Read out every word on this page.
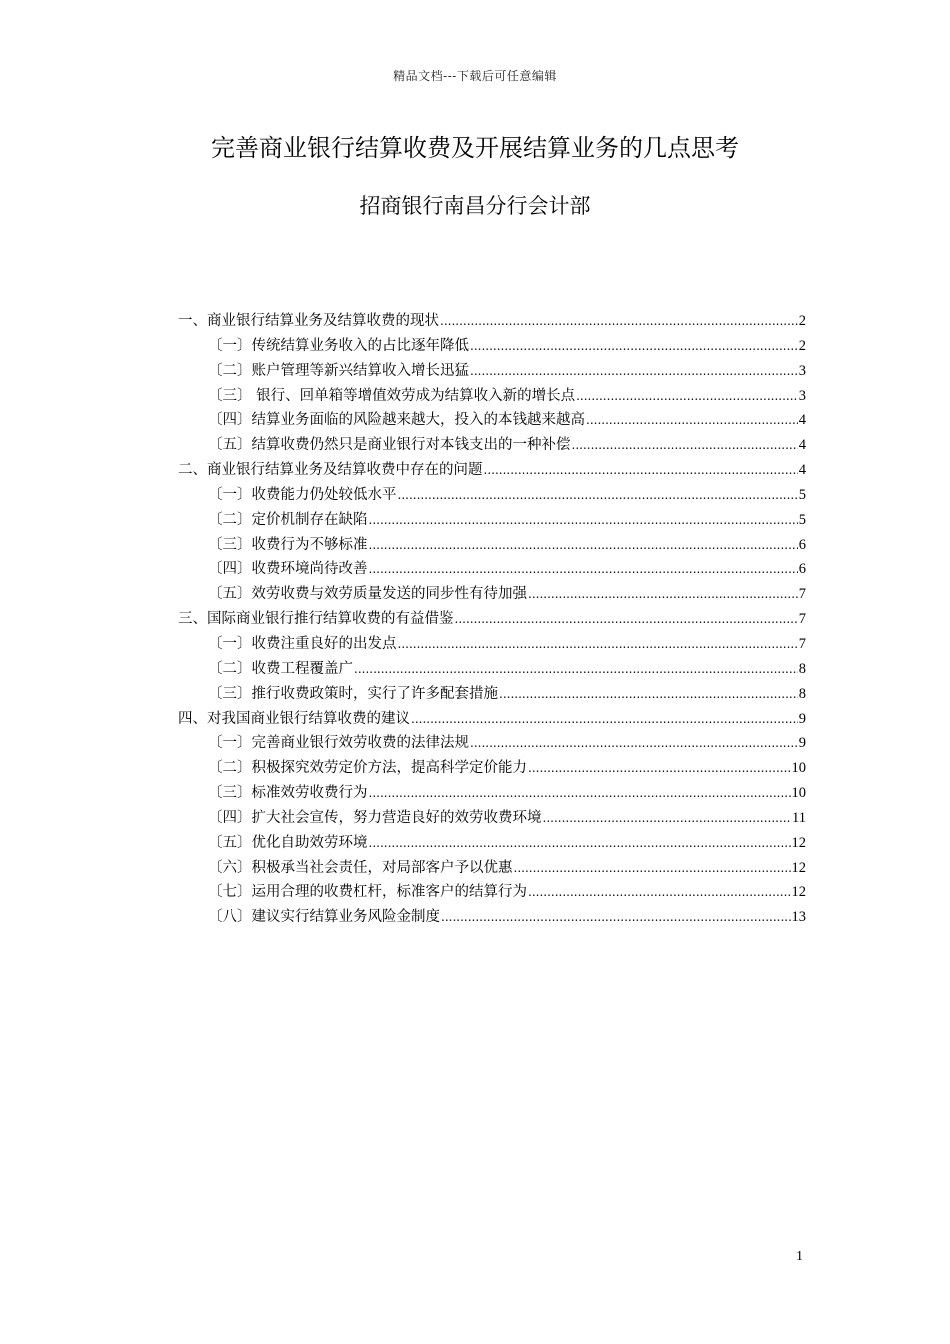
精品文档---下载后可任意编辑
完善商业银行结算收费及开展结算业务的几点思考
招商银行南昌分行会计部
一、商业银行结算业务及结算收费的现状 .....	2
〔一〕传统结算业务收入的占比逐年降低 .....	2
〔二〕账户管理等新兴结算收入增长迅猛 .....	3
〔三〕 银行、回单箱等增值效劳成为结算收入新的增长点 .....	3
〔四〕结算业务面临的风险越来越大，投入的本钱越来越高 .....	4
〔五〕结算收费仍然只是商业银行对本钱支出的一种补偿 .....	4
二、商业银行结算业务及结算收费中存在的问题 .....	4
〔一〕收费能力仍处较低水平 .....	5
〔二〕定价机制存在缺陷 .....	5
〔三〕收费行为不够标准 .....	6
〔四〕收费环境尚待改善 .....	6
〔五〕效劳收费与效劳质量发送的同步性有待加强 .....	7
三、国际商业银行推行结算收费的有益借鉴 .....	7
〔一〕收费注重良好的出发点 .....	7
〔二〕收费工程覆盖广 .....	8
〔三〕推行收费政策时，实行了许多配套措施 .....	8
四、对我国商业银行结算收费的建议 .....	9
〔一〕完善商业银行效劳收费的法律法规 .....	9
〔二〕积极探究效劳定价方法，提高科学定价能力 .....	10
〔三〕标准效劳收费行为 .....	10
〔四〕扩大社会宣传，努力营造良好的效劳收费环境 .....	11
〔五〕优化自助效劳环境 .....	12
〔六〕积极承当社会责任，对局部客户予以优惠 .....	12
〔七〕运用合理的收费杠杆，标准客户的结算行为 .....	12
〔八〕建议实行结算业务风险金制度 .....	13
1
